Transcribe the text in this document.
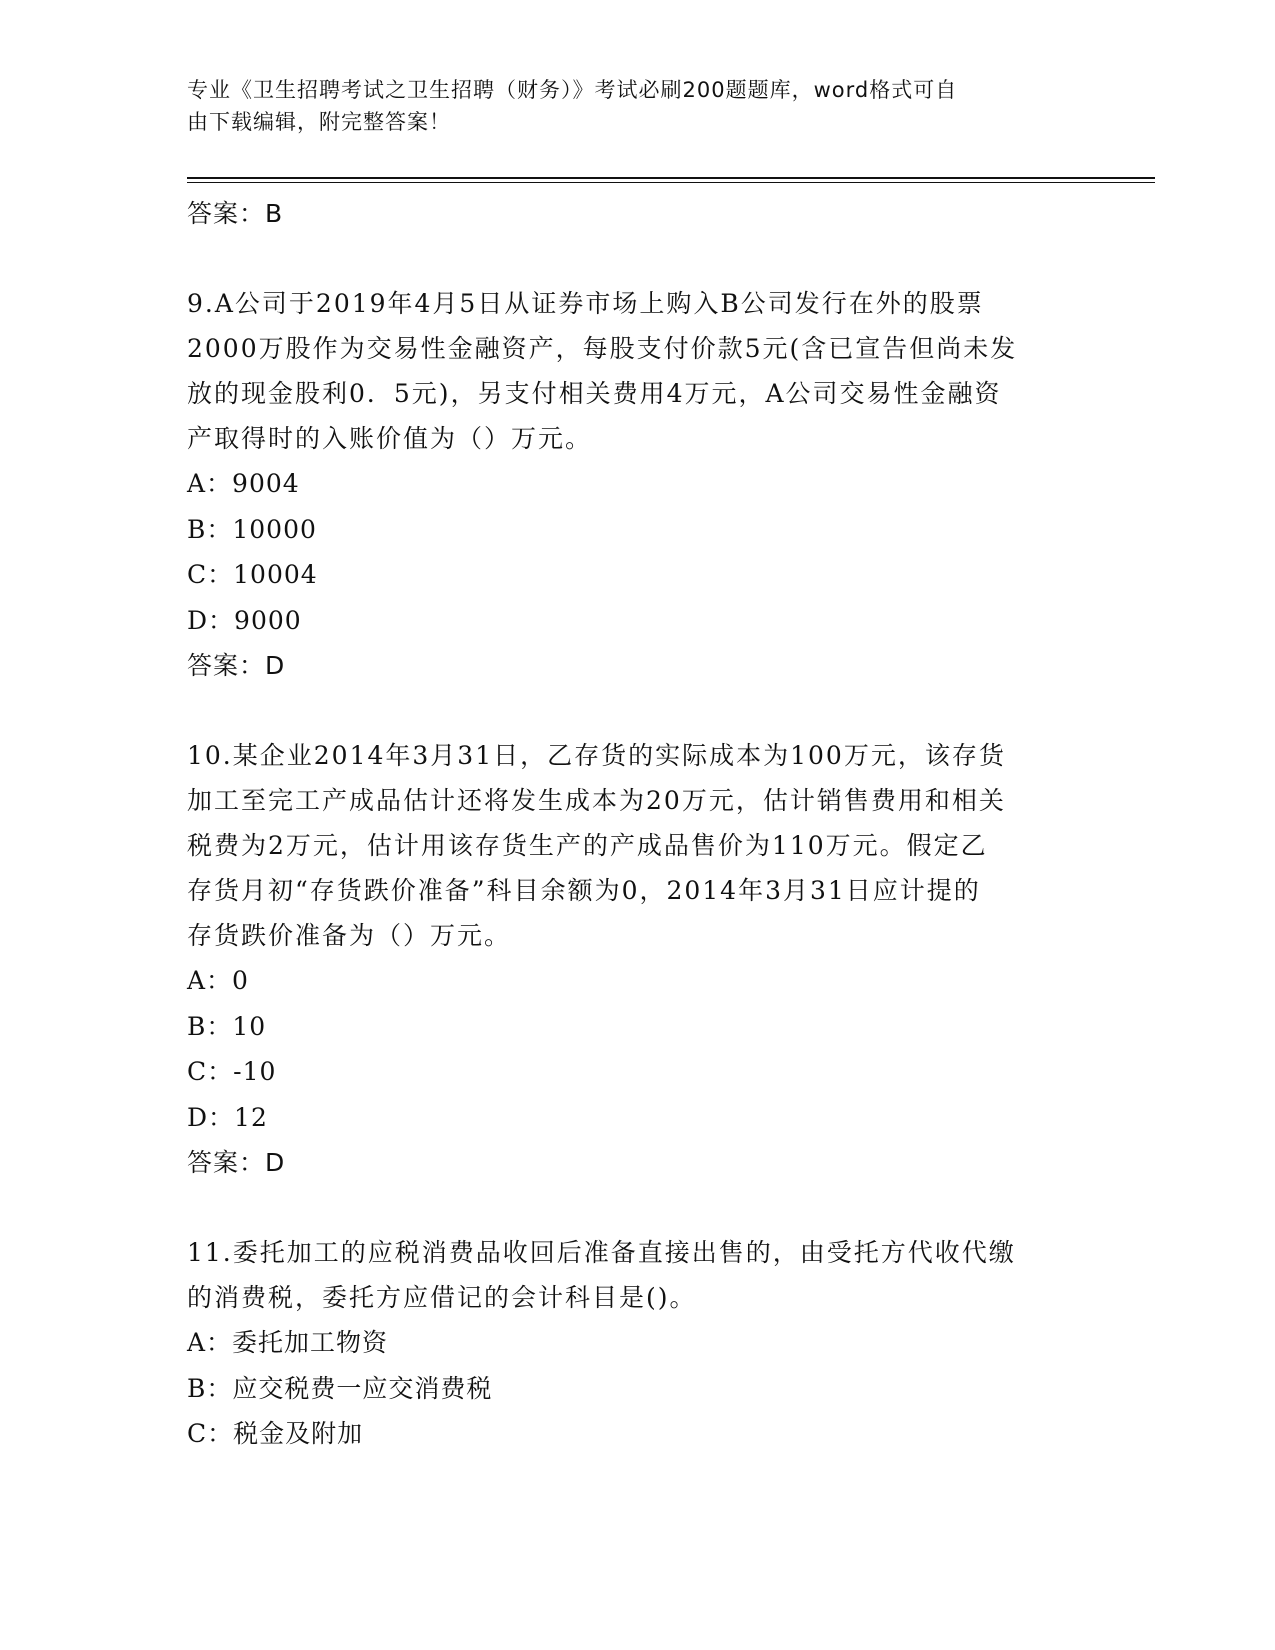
专业《卫生招聘考试之卫生招聘（财务）》考试必刷200题题库，word格式可自
由下载编辑，附完整答案！

答案：B

9.A公司于2019年4月5日从证券市场上购入B公司发行在外的股票

2000万股作为交易性金融资产，每股支付价款5元(含已宣告但尚未发

放的现金股利0．5元)，另支付相关费用4万元，A公司交易性金融资

产取得时的入账价值为（）万元。

A：9004

B：10000

C：10004

D：9000

答案：D

10.某企业2014年3月31日，乙存货的实际成本为100万元，该存货

加工至完工产成品估计还将发生成本为20万元，估计销售费用和相关

税费为2万元，估计用该存货生产的产成品售价为110万元。假定乙

存货月初“存货跌价准备”科目余额为0，2014年3月31日应计提的

存货跌价准备为（）万元。

A：0

B：10

C：-10

D：12

答案：D

11.委托加工的应税消费品收回后准备直接出售的，由受托方代收代缴

的消费税，委托方应借记的会计科目是()。

A：委托加工物资

B：应交税费一应交消费税

C：税金及附加
